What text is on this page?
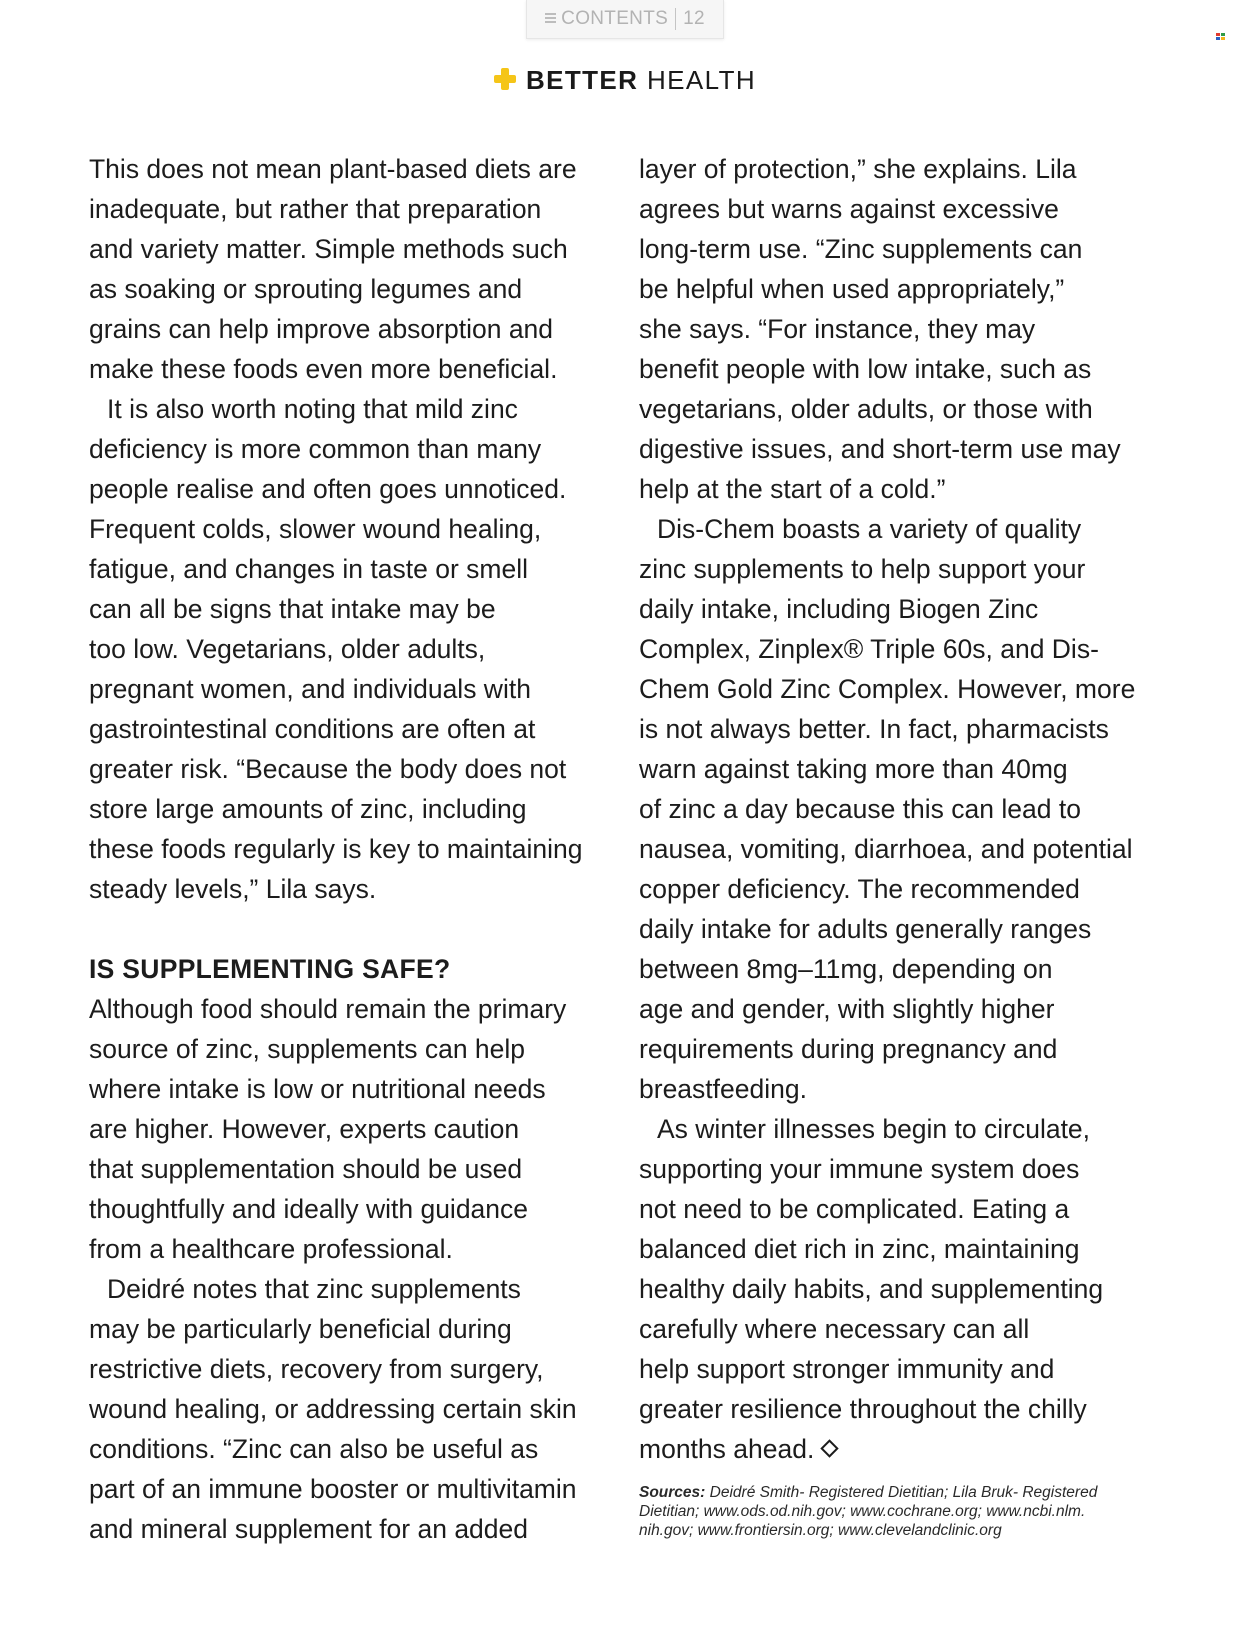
CONTENTS 12
BETTER HEALTH

This does not mean plant-based diets are
inadequate, but rather that preparation
and variety matter. Simple methods such
as soaking or sprouting legumes and
grains can help improve absorption and
make these foods even more beneficial.

It is also worth noting that mild zinc
deficiency is more common than many
people realise and often goes unnoticed.
Frequent colds, slower wound healing,
fatigue, and changes in taste or smell
can all be signs that intake may be
too low. Vegetarians, older adults,
pregnant women, and individuals with
gastrointestinal conditions are often at
greater risk. “Because the body does not
store large amounts of zinc, including
these foods regularly is key to maintaining
steady levels,” Lila says.

IS SUPPLEMENTING SAFE?

Although food should remain the primary
source of zinc, supplements can help
where intake is low or nutritional needs
are higher. However, experts caution
that supplementation should be used
thoughtfully and ideally with guidance
from a healthcare professional.

Deidré notes that zinc supplements
may be particularly beneficial during
restrictive diets, recovery from surgery,
wound healing, or addressing certain skin
conditions. “Zinc can also be useful as
part of an immune booster or multivitamin
and mineral supplement for an added

layer of protection,” she explains. Lila
agrees but warns against excessive
long-term use. “Zinc supplements can
be helpful when used appropriately,”
she says. “For instance, they may
benefit people with low intake, such as
vegetarians, older adults, or those with
digestive issues, and short-term use may
help at the start of a cold.”

Dis-Chem boasts a variety of quality
zinc supplements to help support your
daily intake, including Biogen Zinc
Complex, Zinplex® Triple 60s, and Dis-
Chem Gold Zinc Complex. However, more
is not always better. In fact, pharmacists
warn against taking more than 40mg
of zinc a day because this can lead to
nausea, vomiting, diarrhoea, and potential
copper deficiency. The recommended
daily intake for adults generally ranges
between 8mg–11mg, depending on
age and gender, with slightly higher
requirements during pregnancy and
breastfeeding.

As winter illnesses begin to circulate,
supporting your immune system does
not need to be complicated. Eating a
balanced diet rich in zinc, maintaining
healthy daily habits, and supplementing
carefully where necessary can all
help support stronger immunity and
greater resilience throughout the chilly
months ahead.

Sources: Deidré Smith- Registered Dietitian; Lila Bruk- Registered
Dietitian; www.ods.od.nih.gov; www.cochrane.org; www.ncbi.nlm.
nih.gov; www.frontiersin.org; www.clevelandclinic.org
